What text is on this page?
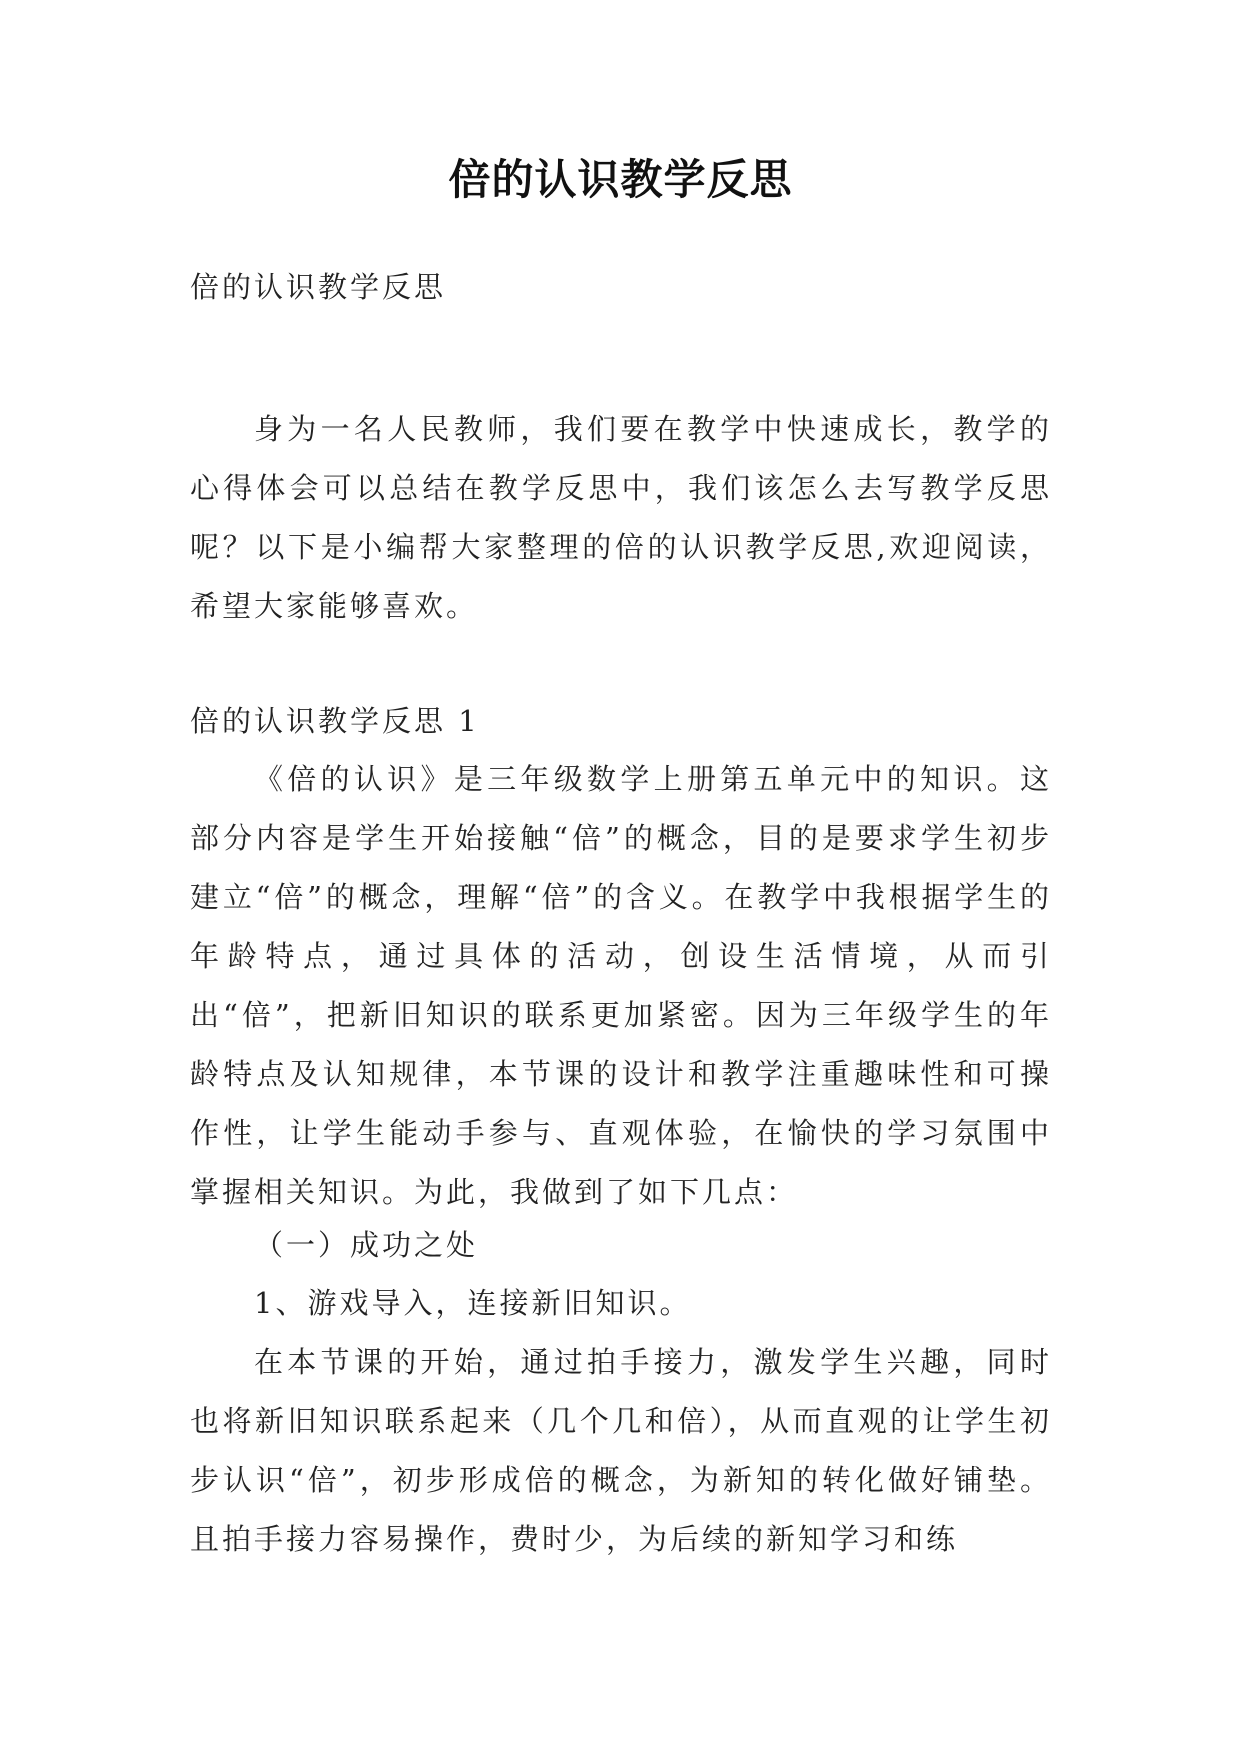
倍的认识教学反思
倍的认识教学反思
身为一名人民教师，我们要在教学中快速成长，教学的心得体会可以总结在教学反思中，我们该怎么去写教学反思呢？以下是小编帮大家整理的倍的认识教学反思,欢迎阅读，希望大家能够喜欢。
倍的认识教学反思 1
《倍的认识》是三年级数学上册第五单元中的知识。这部分内容是学生开始接触“倍”的概念，目的是要求学生初步建立“倍”的概念，理解“倍”的含义。在教学中我根据学生的年龄特点，通过具体的活动，创设生活情境，从而引出“倍”，把新旧知识的联系更加紧密。因为三年级学生的年龄特点及认知规律，本节课的设计和教学注重趣味性和可操作性，让学生能动手参与、直观体验，在愉快的学习氛围中掌握相关知识。为此，我做到了如下几点：
（一）成功之处
1、游戏导入，连接新旧知识。
在本节课的开始，通过拍手接力，激发学生兴趣，同时也将新旧知识联系起来（几个几和倍），从而直观的让学生初步认识“倍”，初步形成倍的概念，为新知的转化做好铺垫。且拍手接力容易操作，费时少，为后续的新知学习和练
